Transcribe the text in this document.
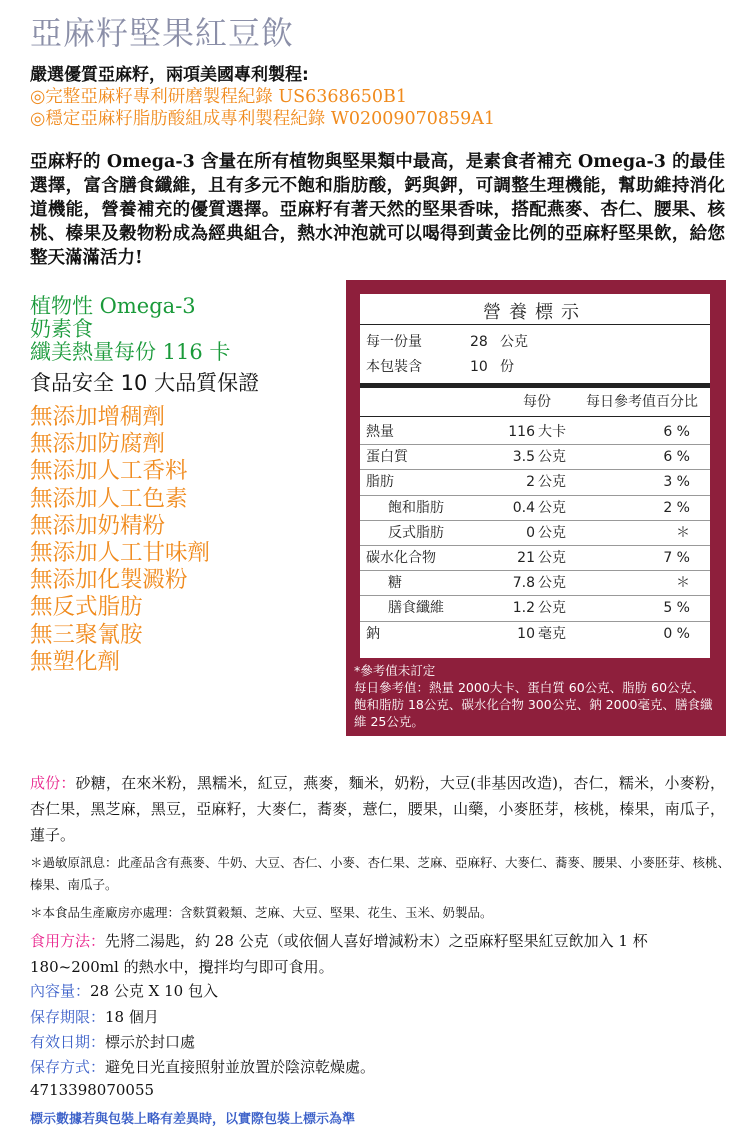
亞麻籽堅果紅豆飲
嚴選優質亞麻籽，兩項美國專利製程:
◎完整亞麻籽專利研磨製程紀錄 US6368650B1
◎穩定亞麻籽脂肪酸組成專利製程紀錄 W02009070859A1
亞麻籽的 Omega-3 含量在所有植物與堅果類中最高，是素食者補充 Omega-3 的最佳選擇，富含膳食纖維，且有多元不飽和脂肪酸，鈣與鉀，可調整生理機能，幫助維持消化道機能，營養補充的優質選擇。亞麻籽有著天然的堅果香味，搭配燕麥、杏仁、腰果、核桃、榛果及穀物粉成為經典組合，熱水沖泡就可以喝得到黃金比例的亞麻籽堅果飲，給您整天滿滿活力!
植物性 Omega-3
奶素食
纖美熱量每份 116 卡
食品安全 10 大品質保證
無添加增稠劑
無添加防腐劑
無添加人工香料
無添加人工色素
無添加奶精粉
無添加人工甘味劑
無添加化製澱粉
無反式脂肪
無三聚氰胺
無塑化劑
營養標示
每一份量	28 公克
本包裝含	10 份
每份	每日參考值百分比
熱量	116 大卡	6 %
蛋白質	3.5 公克	6 %
脂肪	2 公克	3 %
飽和脂肪	0.4 公克	2 %
反式脂肪	0 公克	＊
碳水化合物	21 公克	7 %
糖	7.8 公克	＊
膳食纖維	1.2 公克	5 %
鈉	10 毫克	0 %
*參考值未訂定
每日參考值：熱量 2000大卡、蛋白質 60公克、脂肪 60公克、飽和脂肪 18公克、碳水化合物 300公克、鈉 2000毫克、膳食纖維 25公克。
成份：砂糖，在來米粉，黑糯米，紅豆，燕麥，麵米，奶粉，大豆(非基因改造)，杏仁，糯米，小麥粉，杏仁果，黑芝麻，黑豆，亞麻籽，大麥仁，蕎麥，薏仁，腰果，山藥，小麥胚芽，核桃，榛果，南瓜子，蓮子。
＊過敏原訊息：此產品含有燕麥、牛奶、大豆、杏仁、小麥、杏仁果、芝麻、亞麻籽、大麥仁、蕎麥、腰果、小麥胚芽、核桃、榛果、南瓜子。
＊本食品生產廠房亦處理：含麩質穀類、芝麻、大豆、堅果、花生、玉米、奶製品。
食用方法：先將二湯匙，約 28 公克（或依個人喜好增減粉末）之亞麻籽堅果紅豆飲加入 1 杯 180~200ml 的熱水中，攪拌均勻即可食用。
內容量：28 公克 X 10 包入
保存期限：18 個月
有效日期：標示於封口處
保存方式：避免日光直接照射並放置於陰涼乾燥處。
4713398070055
標示數據若與包裝上略有差異時，以實際包裝上標示為準
